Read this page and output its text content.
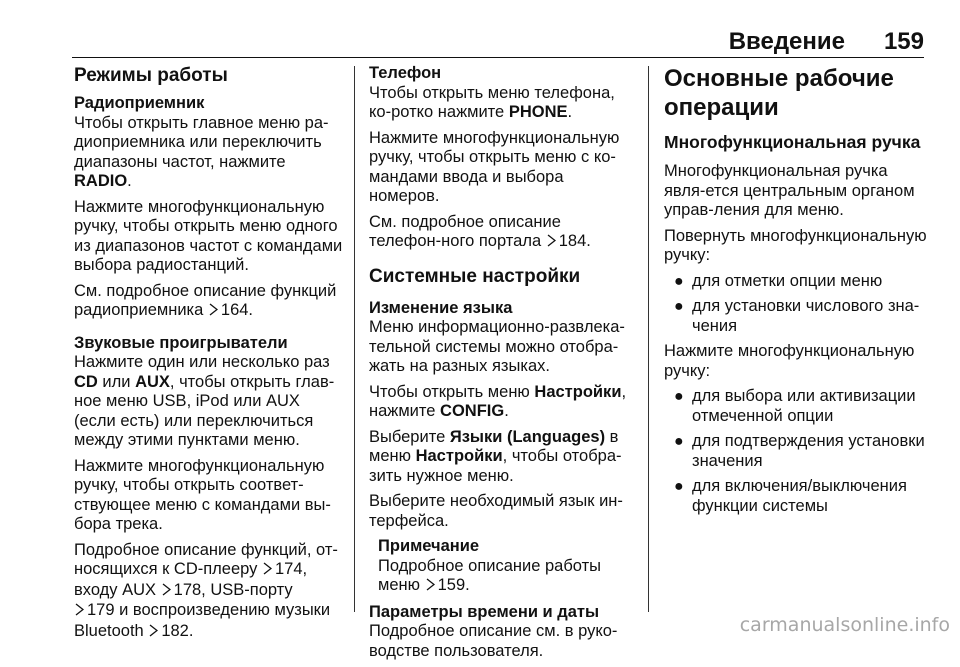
Введение 159
Режимы работы
Радиоприемник
Чтобы открыть главное меню ра-диоприемника или переключить диапазоны частот, нажмите RADIO.
Нажмите многофункциональную ручку, чтобы открыть меню одного из диапазонов частот с командами выбора радиостанций.
См. подробное описание функций радиоприемника 164.
Звуковые проигрыватели
Нажмите один или несколько раз CD или AUX, чтобы открыть глав-ное меню USB, iPod или AUX (если есть) или переключиться между этими пунктами меню.
Нажмите многофункциональную ручку, чтобы открыть соответ-ствующее меню с командами вы-бора трека.
Подробное описание функций, от-носящихся к CD-плееру 174, входу AUX 178, USB-порту
179 и воспроизведению музыки Bluetooth 182.
Телефон
Чтобы открыть меню телефона, ко-ротко нажмите PHONE.
Нажмите многофункциональную ручку, чтобы открыть меню с ко-мандами ввода и выбора номеров.
См. подробное описание телефон-ного портала 184.
Системные настройки
Изменение языка
Меню информационно-развлека-тельной системы можно отобра-жать на разных языках.
Чтобы открыть меню Настройки, нажмите CONFIG.
Выберите Языки (Languages) в меню Настройки, чтобы отобра-зить нужное меню.
Выберите необходимый язык ин-терфейса.
Примечание
Подробное описание работы меню 159.
Параметры времени и даты
Подробное описание см. в руко-водстве пользователя.
Основные рабочие операции
Многофункциональная ручка
Многофункциональная ручка явля-ется центральным органом управ-ления для меню.
Повернуть многофункциональную ручку:
● для отметки опции меню
● для установки числового зна-чения
Нажмите многофункциональную ручку:
● для выбора или активизации отмеченной опции
● для подтверждения установки значения
● для включения/выключения функции системы
carmanualsonline.info
